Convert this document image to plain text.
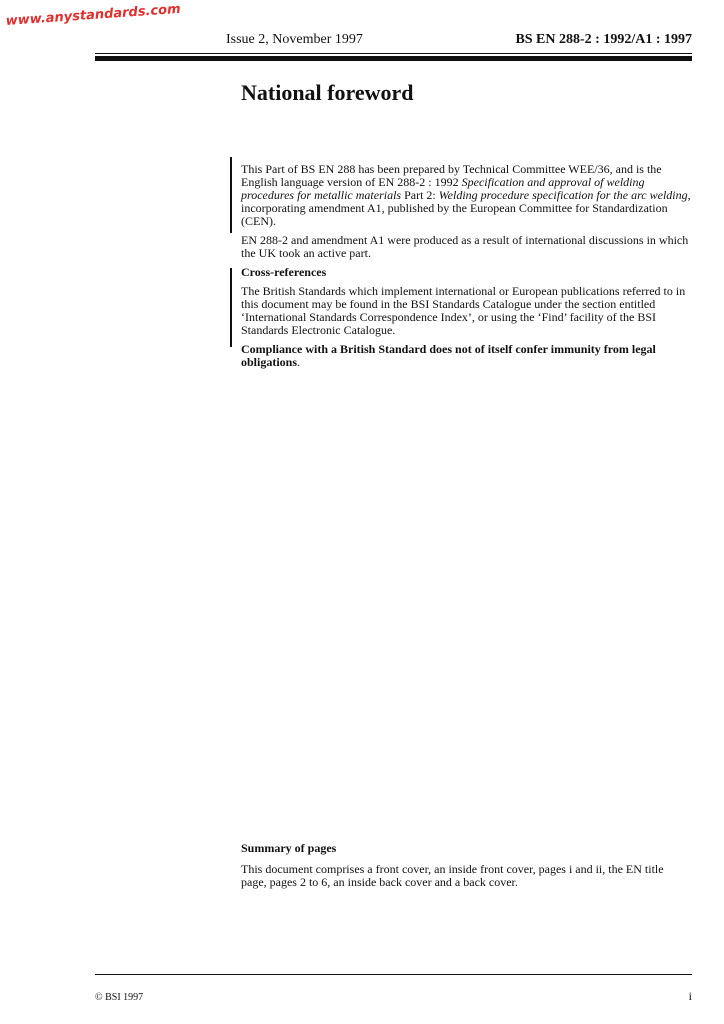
www.anystandards.com
Issue 2, November 1997	BS EN 288-2 : 1992/A1 : 1997
National foreword

This Part of BS EN 288 has been prepared by Technical Committee WEE/36, and is the English language version of EN 288-2 : 1992 Specification and approval of welding procedures for metallic materials Part 2: Welding procedure specification for the arc welding, incorporating amendment A1, published by the European Committee for Standardization (CEN).

EN 288-2 and amendment A1 were produced as a result of international discussions in which the UK took an active part.

Cross-references

The British Standards which implement international or European publications referred to in this document may be found in the BSI Standards Catalogue under the section entitled ‘International Standards Correspondence Index’, or using the ‘Find’ facility of the BSI Standards Electronic Catalogue.

Compliance with a British Standard does not of itself confer immunity from legal obligations.

Summary of pages

This document comprises a front cover, an inside front cover, pages i and ii, the EN title page, pages 2 to 6, an inside back cover and a back cover.

© BSI 1997	i
